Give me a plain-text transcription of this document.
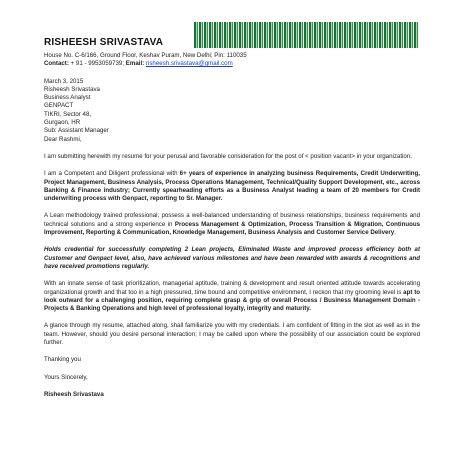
RISHEESH SRIVASTAVA
House No. C-6/166, Ground Floor, Keshav Puram, New Delhi; Pin: 110035
Contact: + 91 - 9953059739; Email: risheesh.srivastava@gmail.com
March 3, 2015
Risheesh Srivastava
Business Analyst
GENPACT
TIKRI, Sector 48,
Gurgaon, HR
Sub: Assistant Manager
Dear Rashmi,

I am submitting herewith my resume for your perusal and favorable consideration for the post of < position vacant> in your organization.

I am a Competent and Diligent professional with 6+ years of experience in analyzing business Requirements, Credit Underwriting, Project Management, Business Analysis, Process Operations Management, Technical/Quality Support Development, etc., across Banking & Finance industry; Currently spearheading efforts as a Business Analyst leading a team of 20 members for Credit underwriting process with Genpact, reporting to Sr. Manager.

A Lean methodology trained professional, possess a well-balanced understanding of business relationships, business requirements and technical solutions and a strong experience in Process Management & Optimization, Process Transition & Migration, Continuous Improvement, Reporting & Communication, Knowledge Management, Business Analysis and Customer Service Delivery.

Holds credential for successfully completing 2 Lean projects, Eliminated Waste and improved process efficiency both at Customer and Genpact level, also, have achieved various milestones and have been rewarded with awards & recognitions and have received promotions regularly.

With an innate sense of task prioritization, managerial aptitude, training & development and result oriented attitude towards accelerating organizational growth and that too in a high pressured, time bound and competitive environment, I reckon that my grooming level is apt to look outward for a challenging position, requiring complete grasp & grip of overall Process / Business Management Domain - Projects & Banking Operations and high level of professional loyalty, integrity and maturity.

A glance through my resume, attached along, shall familiarize you with my credentials. I am confident of fitting in the slot as well as in the team. However, should you desire personal interaction; I may be called upon where the possibility of our association could be explored further.

Thanking you
Yours Sincerely,
Risheesh Srivastava
